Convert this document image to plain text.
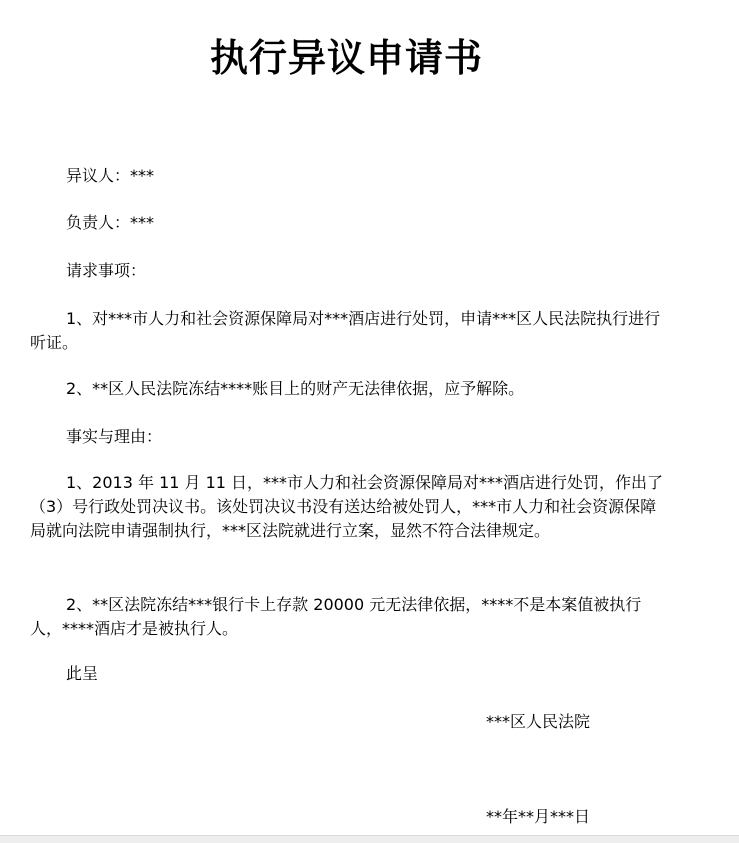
执行异议申请书
异议人：***
负责人：***
请求事项：

1、对***市人力和社会资源保障局对***酒店进行处罚，申请***区人民法院执行进行听证。

2、**区人民法院冻结****账目上的财产无法律依据，应予解除。

事实与理由：

1、2013 年 11 月 11 日，***市人力和社会资源保障局对***酒店进行处罚，作出了（3）号行政处罚决议书。该处罚决议书没有送达给被处罚人，***市人力和社会资源保障局就向法院申请强制执行，***区法院就进行立案，显然不符合法律规定。

2、**区法院冻结***银行卡上存款 20000 元无法律依据，****不是本案值被执行人，****酒店才是被执行人。

此呈
***区人民法院
**年**月***日
